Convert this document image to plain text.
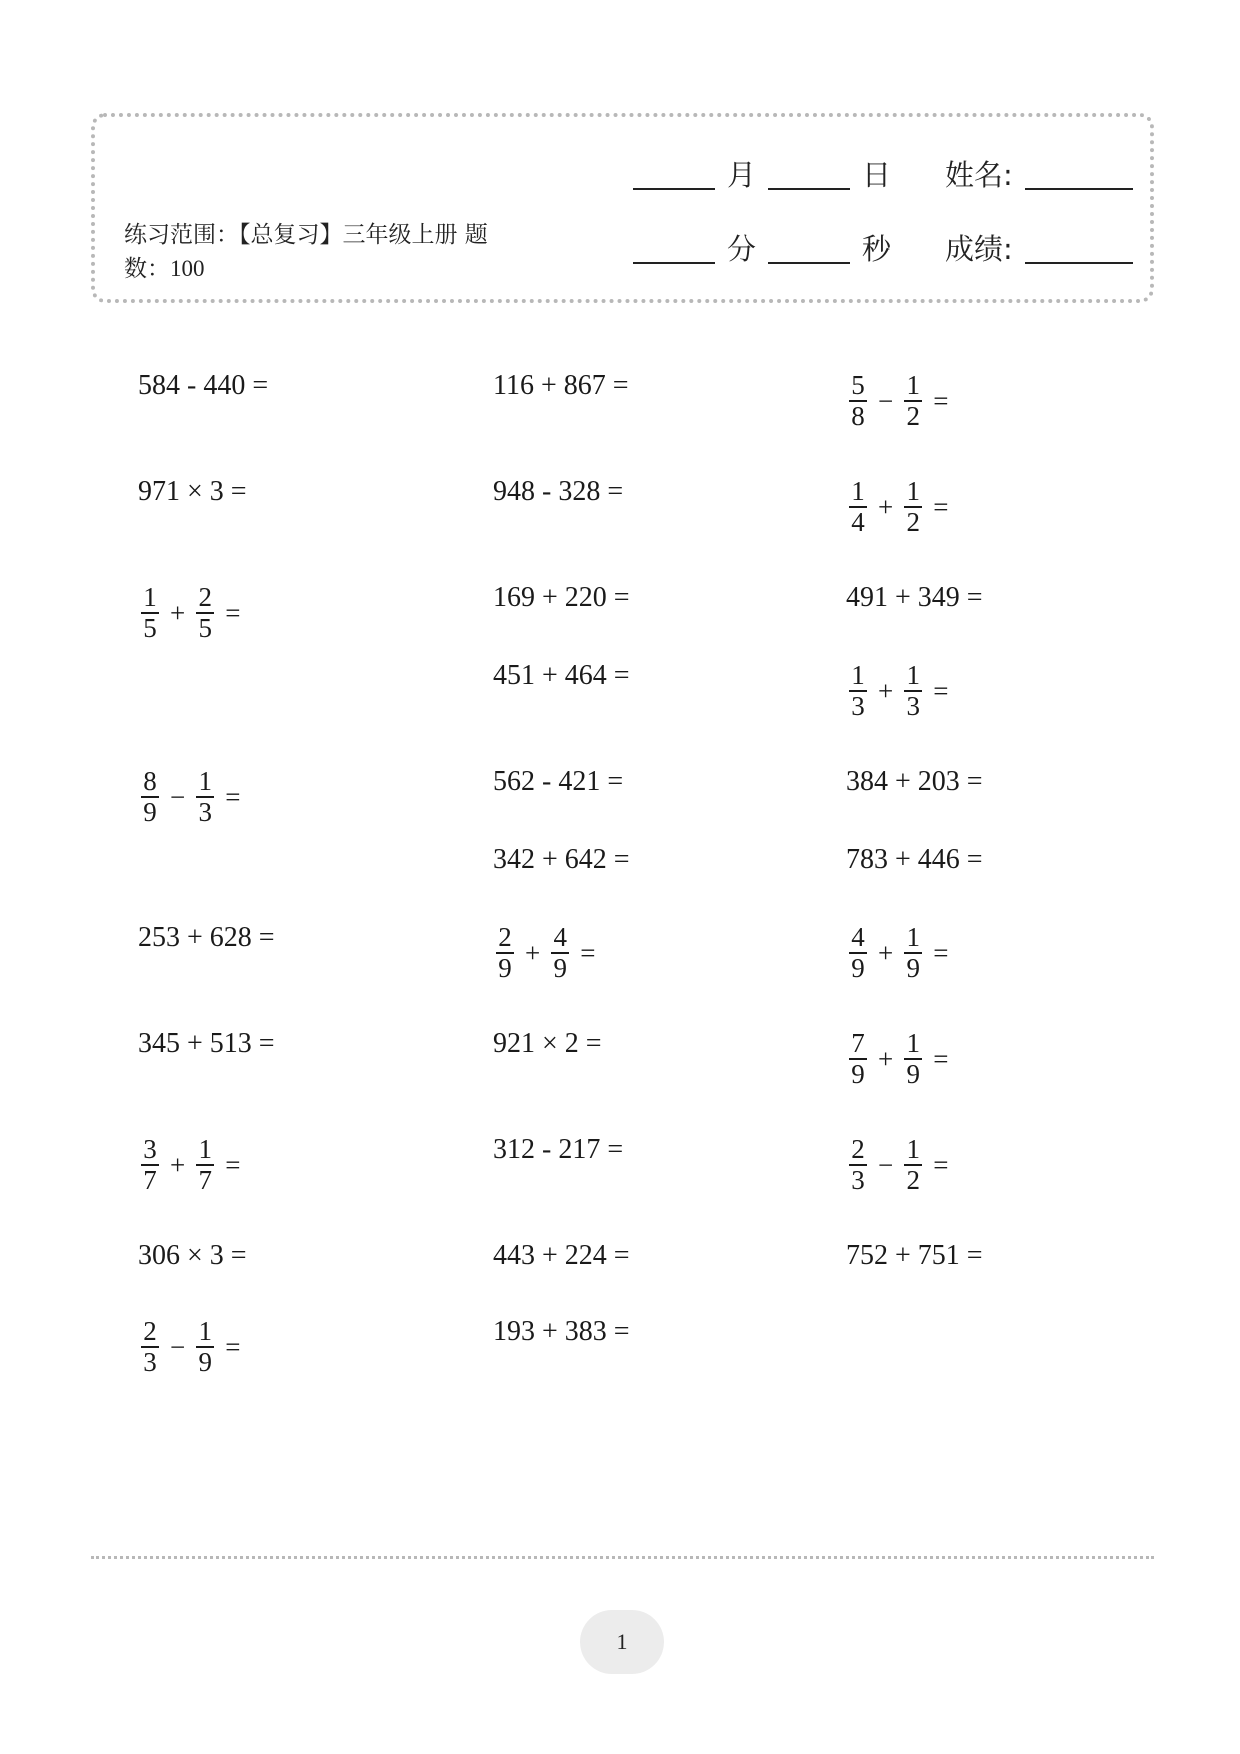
练习范围：【总复习】三年级上册 题数：100
月	日 姓名:
分	秒 成绩:
584 - 440 =	116 + 867 =	$\frac{5}{8} - \frac{1}{2}$ =
971 × 3 =	948 - 328 =	$\frac{1}{4} + \frac{1}{2}$ =
$\frac{1}{5} + \frac{2}{5}$ =	169 + 220 =	491 + 349 =
451 + 464 =	$\frac{1}{3} + \frac{1}{3}$ =
$\frac{8}{9} - \frac{1}{3}$ =	562 - 421 =	384 + 203 =
342 + 642 =	783 + 446 =
253 + 628 =	$\frac{2}{9} + \frac{4}{9}$ =	$\frac{4}{9} + \frac{1}{9}$ =
345 + 513 =	921 × 2 =	$\frac{7}{9} + \frac{1}{9}$ =
$\frac{3}{7} + \frac{1}{7}$ =	312 - 217 =	$\frac{2}{3} - \frac{1}{2}$ =
306 × 3 =	443 + 224 =	752 + 751 =
$\frac{2}{3} - \frac{1}{9}$ =	193 + 383 =
1
